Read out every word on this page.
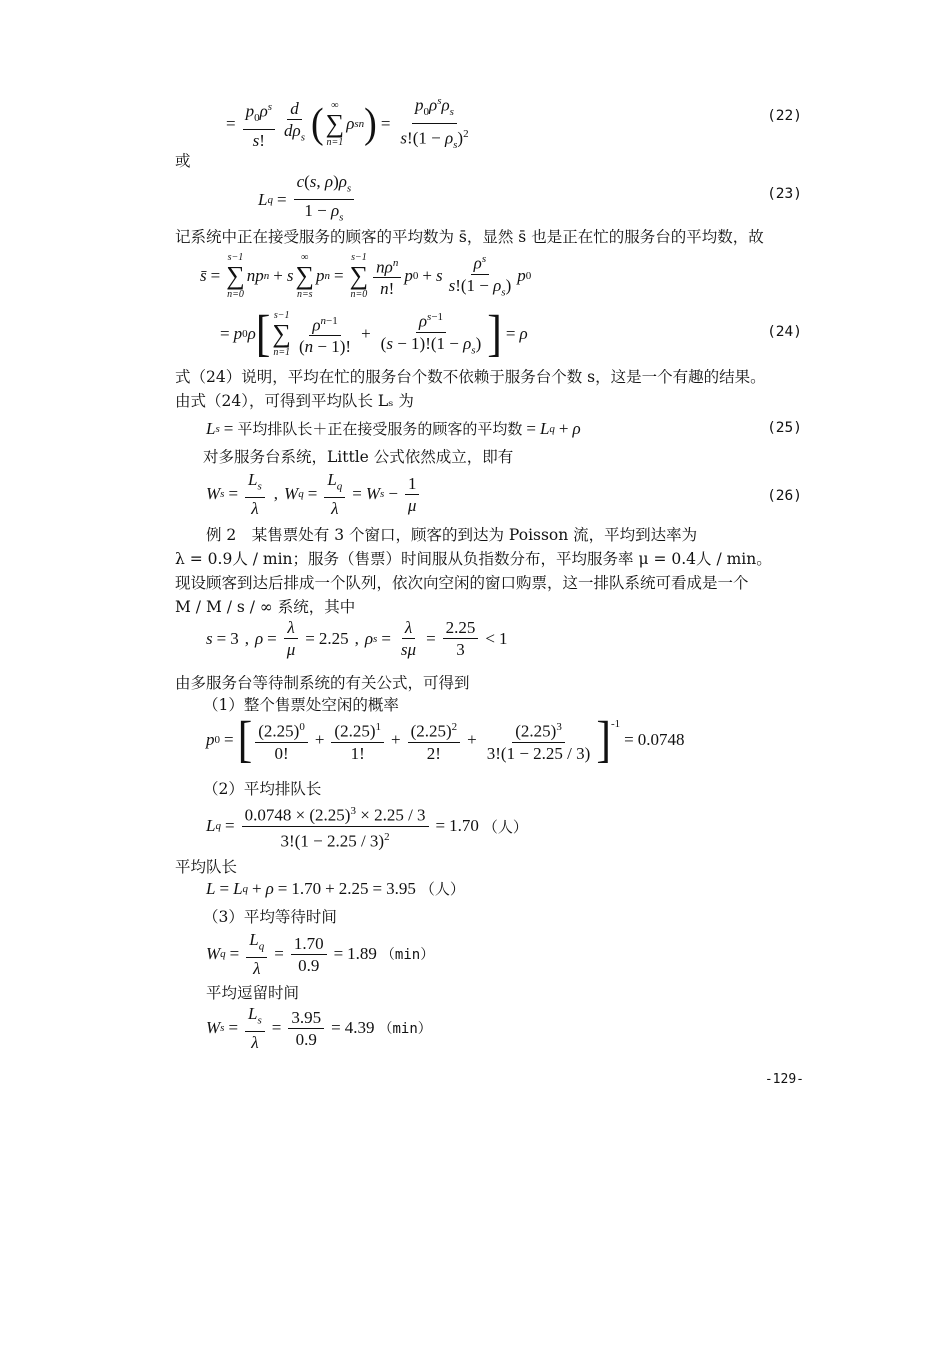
= $\frac{p_0\rho^s}{s!} \frac{d}{d\rho_s}$ ( ∞
∑
n=1
ρ s n ) = $\frac{p_0\rho^s\rho_s}{s!(1 - \rho_s)^2}$	(22)
或
L $q = \frac{c(s, \rho)\rho_s}{1 - \rho_s}$	(23)
记系统中正在接受服务的顾客的平均数为 s̄，显然 s̄ 也是正在忙的服务台的平均数，故
s̄ =
s−1
∑
n=0
np n + s
∞
∑
n=s
p n =
s−1
∑
$n=0 \frac{n\rho^n}{n!}$ p 0 + s $\frac{\rho^s}{s!(1 - \rho_s)}$ p 0
= p 0 ρ [ s−1
∑
$n=1 \frac{\rho^{n-1}}{(n - 1)!} + \frac{\rho^{s-1}}{(s - 1)!(1 - \rho_s)}$ ] = ρ	(24)
式（24）说明，平均在忙的服务台个数不依赖于服务台个数 s，这是一个有趣的结果。
由式（24），可得到平均队长 Lₛ 为
L s = 平均排队长＋正在接受服务的顾客的平均数 = L q + ρ	(25)
对多服务台系统，Little 公式依然成立，即有
W $s = \frac{L_s}{\lambda}$ , W $q = \frac{L_q}{\lambda} = W$ $s - \frac{1}{\mu}$	(26)
例 2　某售票处有 3 个窗口，顾客的到达为 Poisson 流，平均到达率为
λ = 0.9人 / min；服务（售票）时间服从负指数分布，平均服务率 μ = 0.4人 / min。
现设顾客到达后排成一个队列，依次向空闲的窗口购票，这一排队系统可看成是一个
M / M / s / ∞ 系统，其中
s = 3 , $\rho = \frac{\lambda}{\mu} = 2.25$ , ρ $s = \frac{\lambda}{s\mu} = \frac{2.25}{3} < 1$
由多服务台等待制系统的有关公式，可得到
（1）整个售票处空闲的概率
p 0 = [ $\frac{(2.25)^0}{0!} + \frac{(2.25)^1}{1!} + \frac{(2.25)^2}{2!} + \frac{(2.25)^3}{3!(1 - 2.25 / 3)} ]^{-1}$
= 0.0748
（2）平均排队长
L $q = \frac{0.0748 \times (2.25)^3 \times 2.25 / 3}{3!(1 - 2.25 / 3)^2} = 1.70$ （人）
平均队长
L = L q + ρ = 1.70 + 2.25 = 3.95 （人）
（3）平均等待时间
W $q = \frac{L_q}{\lambda} = \frac{1.70}{0.9} = 1.89$ （min）
平均逗留时间
W $s = \frac{L_s}{\lambda} = \frac{3.95}{0.9} = 4.39$ （min）
-129-
